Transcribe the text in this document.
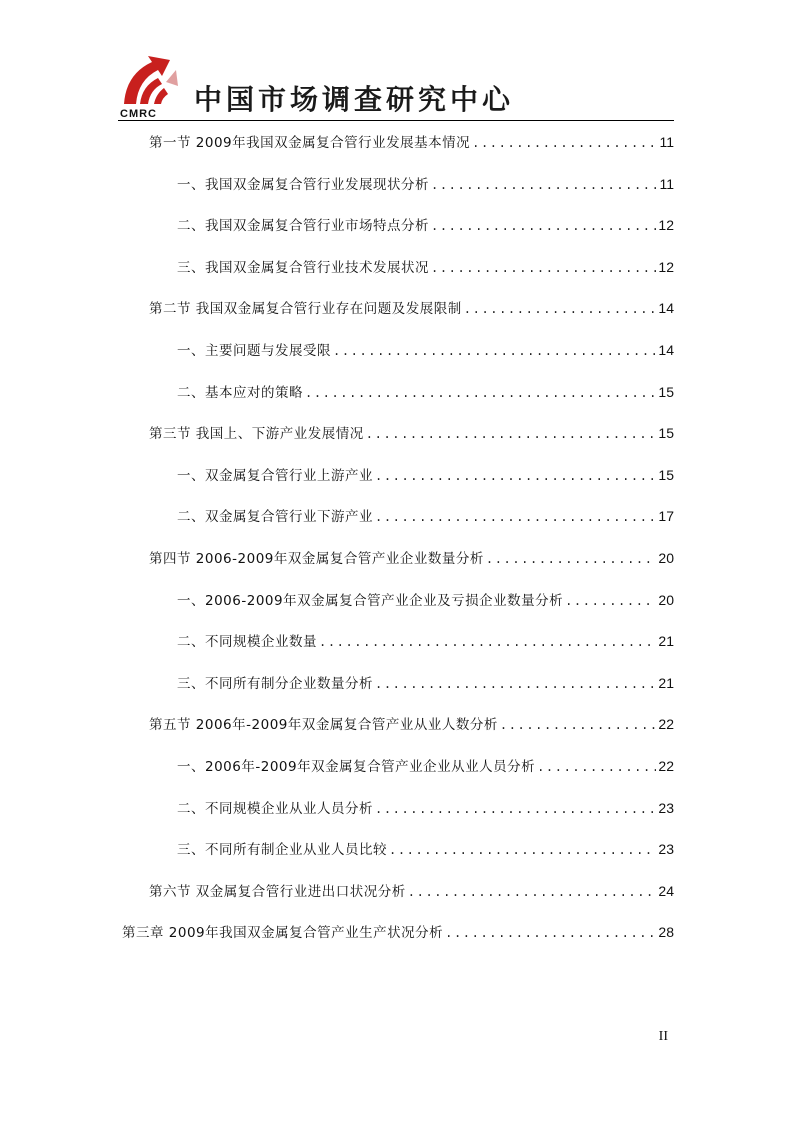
CMRC 中国市场调查研究中心
第一节 2009年我国双金属复合管行业发展基本情况 .....	11
一、我国双金属复合管行业发展现状分析 .....	11
二、我国双金属复合管行业市场特点分析 .....	12
三、我国双金属复合管行业技术发展状况 .....	12
第二节 我国双金属复合管行业存在问题及发展限制 .....	14
一、主要问题与发展受限 .....	14
二、基本应对的策略 .....	15
第三节 我国上、下游产业发展情况 .....	15
一、双金属复合管行业上游产业 .....	15
二、双金属复合管行业下游产业 .....	17
第四节 2006-2009年双金属复合管产业企业数量分析 .....	20
一、2006-2009年双金属复合管产业企业及亏损企业数量分析 .....	20
二、不同规模企业数量 .....	21
三、不同所有制分企业数量分析 .....	21
第五节 2006年-2009年双金属复合管产业从业人数分析 .....	22
一、2006年-2009年双金属复合管产业企业从业人员分析 .....	22
二、不同规模企业从业人员分析 .....	23
三、不同所有制企业从业人员比较 .....	23
第六节 双金属复合管行业进出口状况分析 .....	24
第三章 2009年我国双金属复合管产业生产状况分析 .....	28
II
